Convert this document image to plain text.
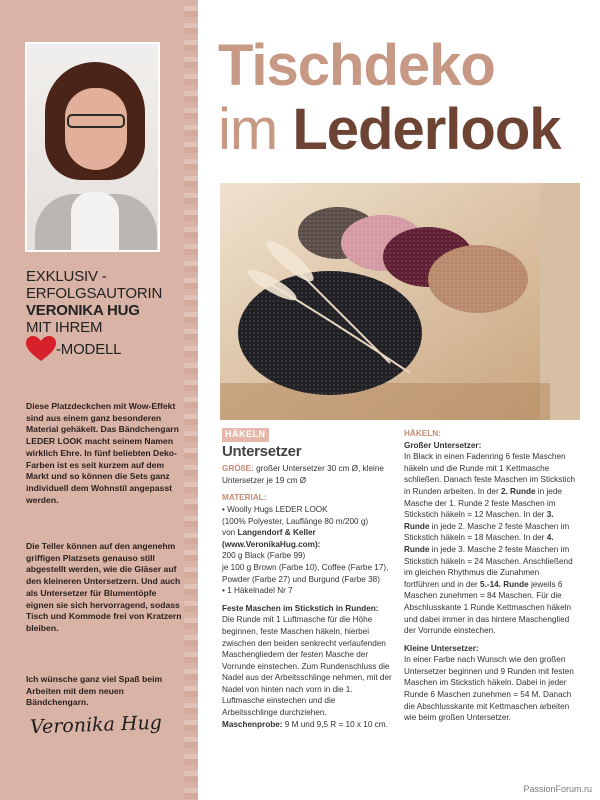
EXKLUSIV -
ERFOLGSAUTORIN

VERONIKA HUG
MIT IHREM
-MODELL
Diese Platzdeckchen mit Wow-Effekt sind aus einem ganz besonderen Material gehäkelt. Das Bändchengarn LEDER LOOK macht seinem Namen wirklich Ehre. In fünf beliebten Deko-Farben ist es seit kurzem auf dem Markt und so können die Sets ganz individuell dem Wohnstil angepasst werden.
Die Teller können auf den angenehm griffigen Platzsets genauso still abgestellt werden, wie die Gläser auf den kleineren Untersetzern. Und auch als Untersetzer für Blumentöpfe eignen sie sich hervorragend, sodass Tisch und Kommode frei von Kratzern bleiben.
Ich wünsche ganz viel Spaß beim Arbeiten mit dem neuen Bändchengarn.
Veronika Hug
Tischdeko
im Lederlook
HÄKELN
Untersetzer
GRÖßE: großer Untersetzer 30 cm Ø, kleine Untersetzer je 19 cm Ø
MATERIAL:
• Woolly Hugs LEDER LOOK
(100% Polyester, Lauflänge 80 m/200 g)
von Langendorf & Keller
(www.VeronikaHug.com):
200 g Black (Farbe 99)
je 100 g Brown (Farbe 10), Coffee (Farbe 17),
Powder (Farbe 27) und Burgund (Farbe 38)
• 1 Häkelnadel Nr 7
Feste Maschen im Stickstich in Runden: Die Runde mit 1 Luftmasche für die Höhe beginnen, feste Maschen häkeln, hierbei zwischen den beiden senkrecht verlaufenden Maschengliedern der festen Masche der Vorrunde einstechen. Zum Rundenschluss die Nadel aus der Arbeitsschlinge nehmen, mit der Nadel von hinten nach vorn in die 1. Luftmasche einstechen und die Arbeitsschlinge durchziehen.
Maschenprobe: 9 M und 9,5 R = 10 x 10 cm.
HÄKELN:
Großer Untersetzer:
In Black in einen Fadenring 6 feste Maschen häkeln und die Runde mit 1 Kettmasche schließen. Danach feste Maschen im Stickstich in Runden arbeiten. In der 2. Runde in jede Masche der 1. Runde 2 feste Maschen im Stickstich häkeln = 12 Maschen. In der 3. Runde in jede 2. Masche 2 feste Maschen im Stickstich häkeln = 18 Maschen. In der 4. Runde in jede 3. Masche 2 feste Maschen im Stickstich häkeln = 24 Maschen. Anschließend im gleichen Rhythmus die Zunahmen fortführen und in der 5.-14. Runde jeweils 6 Maschen zunehmen = 84 Maschen. Für die Abschlusskante 1 Runde Kettmaschen häkeln und dabei immer in das hintere Maschenglied der Vorrunde einstechen.
Kleine Untersetzer:
In einer Farbe nach Wunsch wie den großen Untersetzer beginnen und 9 Runden mit festen Maschen im Stickstich häkeln. Dabei in jeder Runde 6 Maschen zunehmen = 54 M. Danach die Abschlusskante mit Kettmaschen arbeiten wie beim großen Untersetzer.
PassionForum.ru
